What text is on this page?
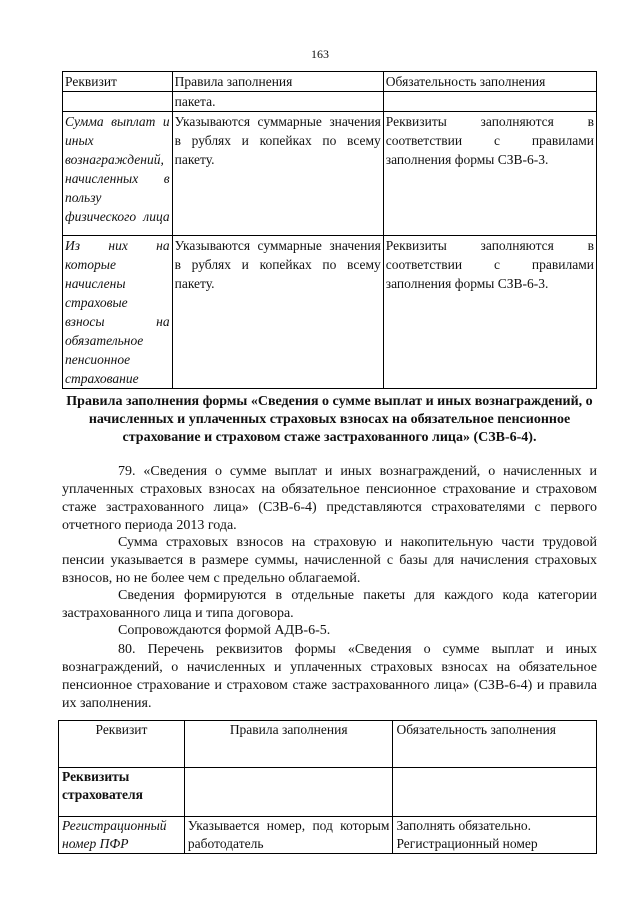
163
Реквизит	Правила заполнения	Обязательность заполнения
	пакета.	
Сумма выплат и иных вознаграждений, начисленных в пользу физического лица	Указываются суммарные значения в рублях и копейках по всему пакету.	Реквизиты заполняются в соответствии с правилами заполнения формы СЗВ-6-3.
Из них на которые начислены страховые взносы на обязательное пенсионное страхование	Указываются суммарные значения в рублях и копейках по всему пакету.	Реквизиты заполняются в соответствии с правилами заполнения формы СЗВ-6-3.
Правила заполнения формы «Сведения о сумме выплат и иных вознаграждений, о начисленных и уплаченных страховых взносах на обязательное пенсионное страхование и страховом стаже застрахованного лица» (СЗВ-6-4).
79. «Сведения о сумме выплат и иных вознаграждений, о начисленных и уплаченных страховых взносах на обязательное пенсионное страхование и страховом стаже застрахованного лица» (СЗВ-6-4) представляются страхователями с первого отчетного периода 2013 года.
Сумма страховых взносов на страховую и накопительную части трудовой пенсии указывается в размере суммы, начисленной с базы для начисления страховых взносов, но не более чем с предельно облагаемой.
Сведения формируются в отдельные пакеты для каждого кода категории застрахованного лица и типа договора.
Сопровождаются формой АДВ-6-5.
80. Перечень реквизитов формы «Сведения о сумме выплат и иных вознаграждений, о начисленных и уплаченных страховых взносах на обязательное пенсионное страхование и страховом стаже застрахованного лица» (СЗВ-6-4) и правила их заполнения.
Реквизит	Правила заполнения	Обязательность заполнения
Реквизиты страхователя		
Регистрационный номер ПФР	Указывается номер, под которым работодатель	Заполнять обязательно. Регистрационный номер
